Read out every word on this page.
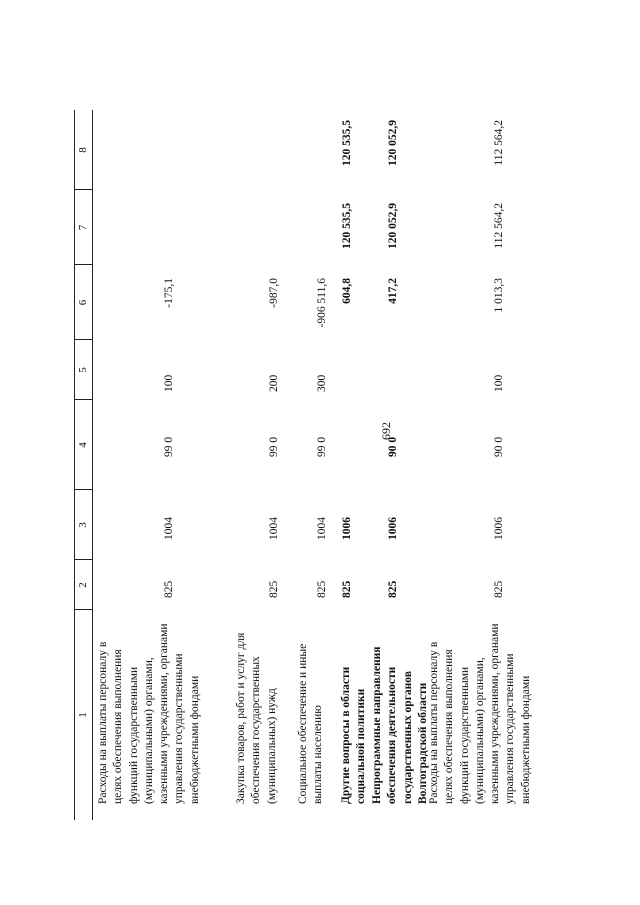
692
1
2
3
4
5
6
7
8
Расходы на выплаты персоналу в целях обеспечения выполнения функций государственными (муниципальными) органами, казенными учреждениями, органами управления государственными внебюджетными фондами
825
1004
99 0
100
-175,1
Закупка товаров, работ и услуг для обеспечения государственных (муниципальных) нужд
825
1004
99 0
200
-987,0
Социальное обеспечение и иные выплаты населению
825
1004
99 0
300
-906 511,6
Другие вопросы в области социальной политики
825
1006
604,8
120 535,5
120 535,5
Непрограммные направления обеспечения деятельности государственных органов Волгоградской области
825
1006
90 0
417,2
120 052,9
120 052,9
Расходы на выплаты персоналу в целях обеспечения выполнения функций государственными (муниципальными) органами, казенными учреждениями, органами управления государственными внебюджетными фондами
825
1006
90 0
100
1 013,3
112 564,2
112 564,2
